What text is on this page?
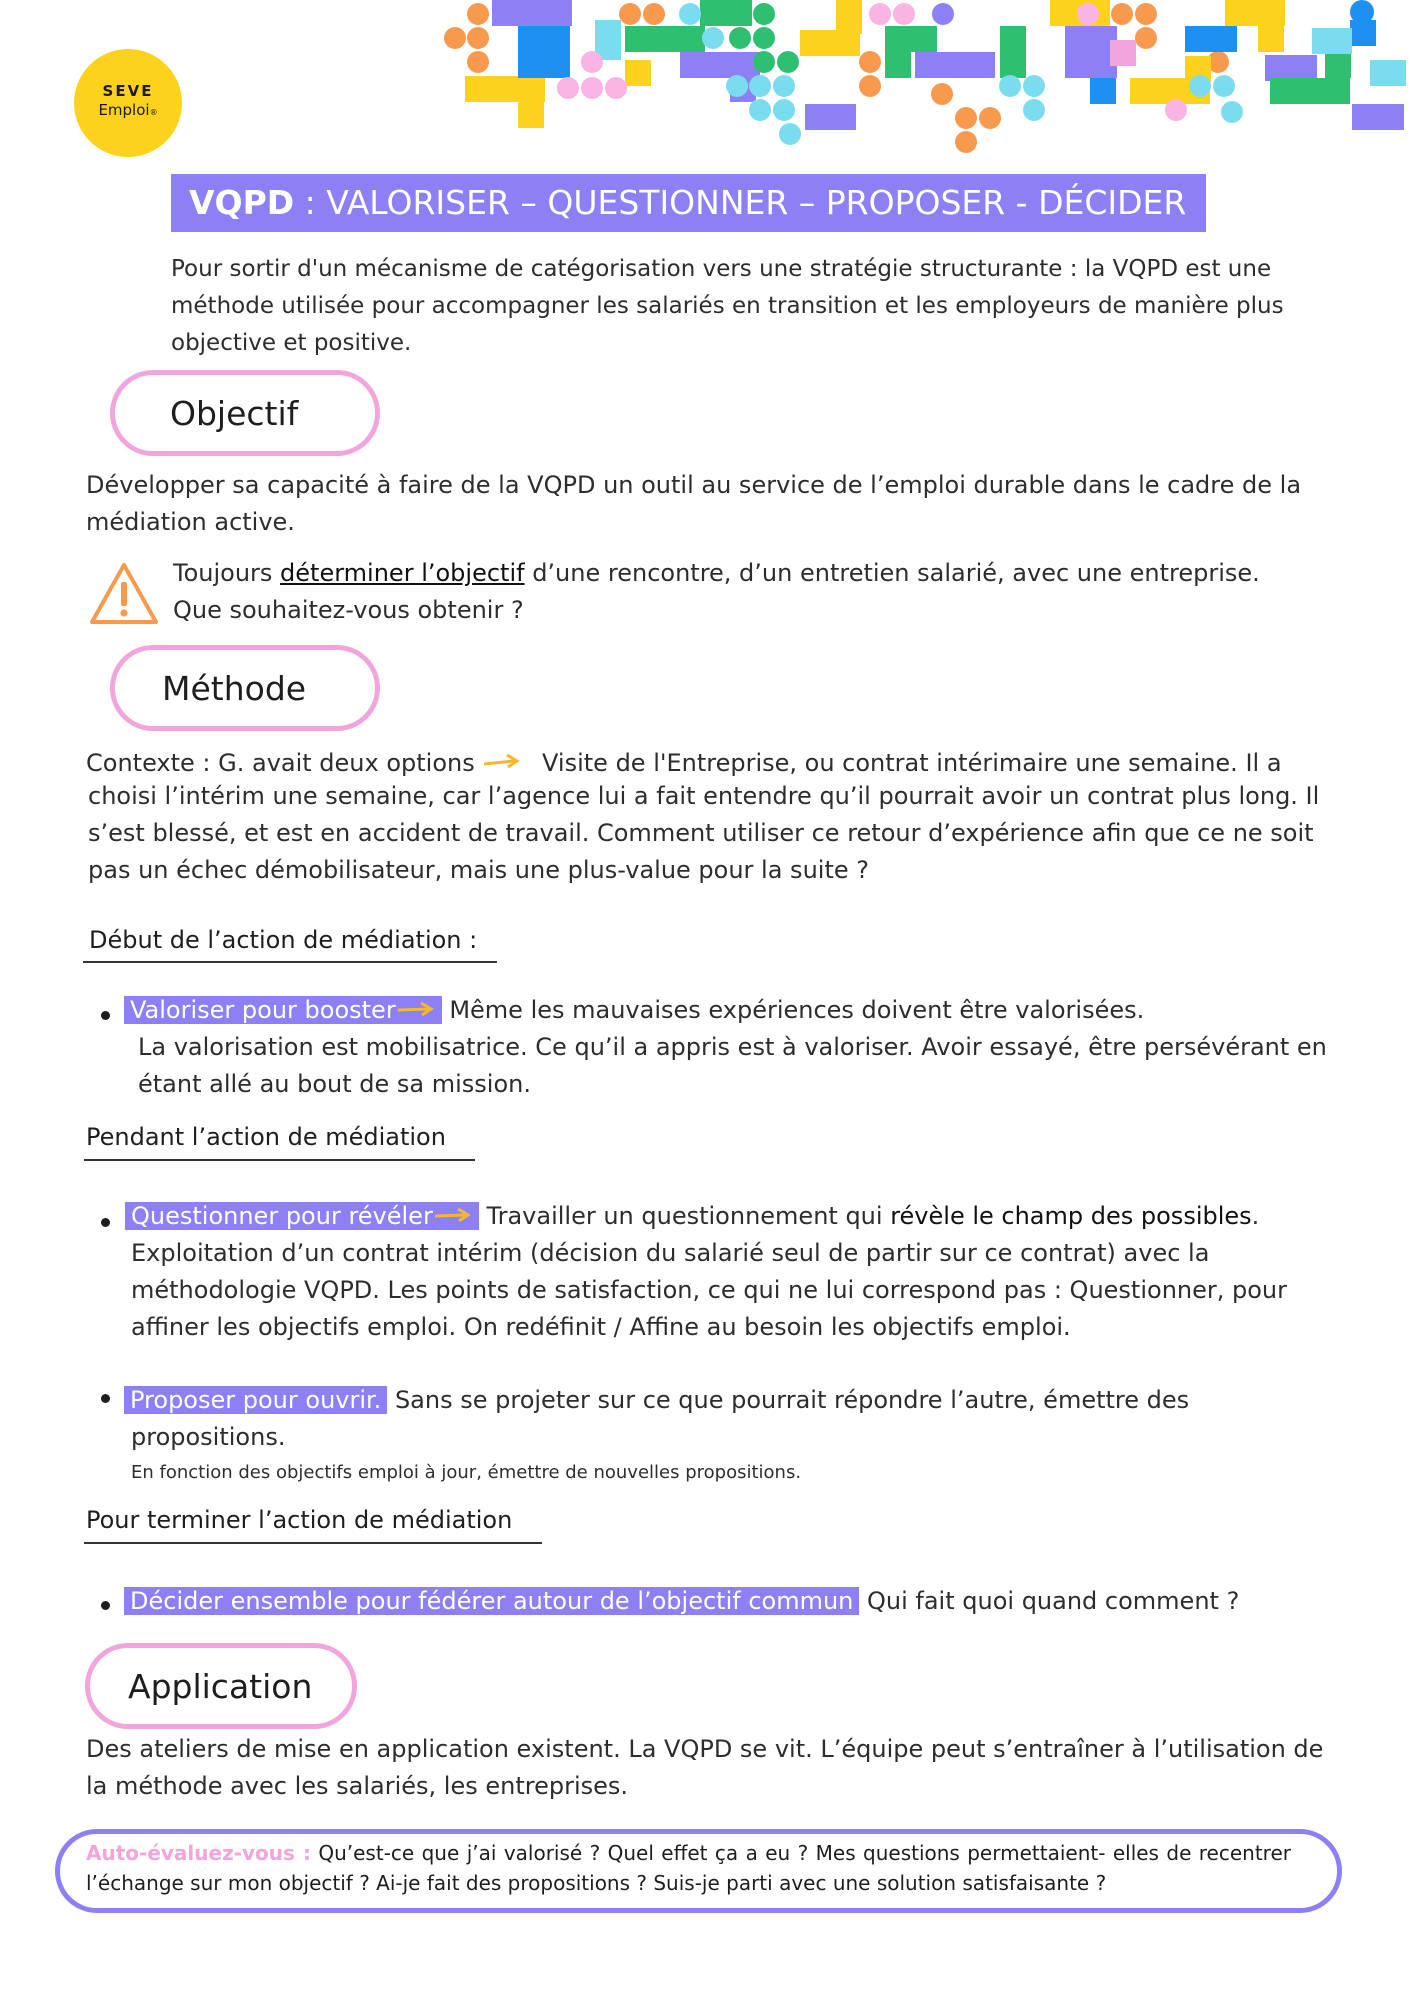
SEVE
Emploi®
VQPD : VALORISER – QUESTIONNER – PROPOSER - DÉCIDER
Pour sortir d'un mécanisme de catégorisation vers une stratégie structurante : la VQPD est une méthode utilisée pour accompagner les salariés en transition et les employeurs de manière plus objective et positive.
Objectif
Développer sa capacité à faire de la VQPD un outil au service de l’emploi durable dans le cadre de la médiation active.
Toujours déterminer l’objectif d’une rencontre, d’un entretien salarié, avec une entreprise.
Que souhaitez-vous obtenir ?
Méthode
Contexte : G. avait deux options	Visite de l'Entreprise, ou contrat intérimaire une semaine. Il a
choisi l’intérim une semaine, car l’agence lui a fait entendre qu’il pourrait avoir un contrat plus long. Il s’est blessé, et est en accident de travail. Comment utiliser ce retour d’expérience afin que ce ne soit pas un échec démobilisateur, mais une plus-value pour la suite ?
Début de l’action de médiation :
Valoriser pour booster Même les mauvaises expériences doivent être valorisées.
La valorisation est mobilisatrice. Ce qu’il a appris est à valoriser. Avoir essayé, être persévérant en étant allé au bout de sa mission.
Pendant l’action de médiation
Questionner pour révéler Travailler un questionnement qui révèle le champ des possibles.
Exploitation d’un contrat intérim (décision du salarié seul de partir sur ce contrat) avec la méthodologie VQPD. Les points de satisfaction, ce qui ne lui correspond pas : Questionner, pour affiner les objectifs emploi. On redéfinit / Affine au besoin les objectifs emploi.
Proposer pour ouvrir. Sans se projeter sur ce que pourrait répondre l’autre, émettre des
propositions.
En fonction des objectifs emploi à jour, émettre de nouvelles propositions.
Pour terminer l’action de médiation
Décider ensemble pour fédérer autour de l’objectif commun Qui fait quoi quand comment ?
Application
Des ateliers de mise en application existent. La VQPD se vit. L’équipe peut s’entraîner à l’utilisation de la méthode avec les salariés, les entreprises.
Auto-évaluez-vous : Qu’est-ce que j’ai valorisé ? Quel effet ça a eu ? Mes questions permettaient- elles de recentrer l’échange sur mon objectif ? Ai-je fait des propositions ? Suis-je parti avec une solution satisfaisante ?
